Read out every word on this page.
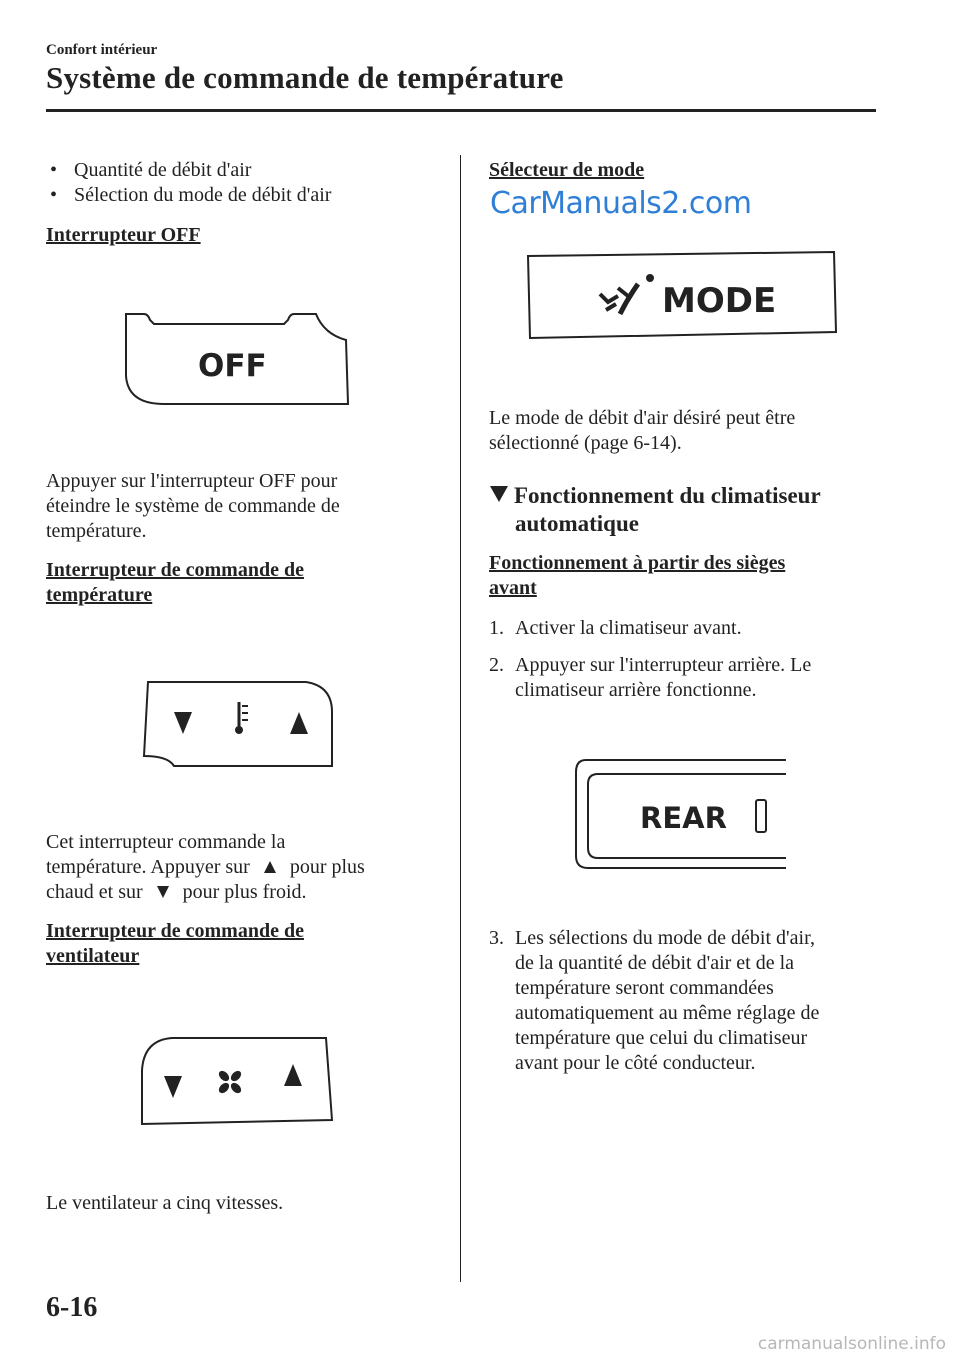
Confort intérieur
Système de commande de température
• Quantité de débit d'air
• Sélection du mode de débit d'air
Interrupteur OFF
OFF
Appuyer sur l'interrupteur OFF pour
éteindre le système de commande de
température.
Interrupteur de commande de
température
Cet interrupteur commande la
température. Appuyer sur pour plus
chaud et sur pour plus froid.
Interrupteur de commande de
ventilateur
Le ventilateur a cinq vitesses.
Sélecteur de mode
CarManuals2.com
MODE
Le mode de débit d'air désiré peut être
sélectionné (page 6-14).
Fonctionnement du climatiseur
automatique
Fonctionnement à partir des sièges
avant
1. Activer la climatiseur avant.
2. Appuyer sur l'interrupteur arrière. Le
climatiseur arrière fonctionne.
REAR
3. Les sélections du mode de débit d'air,
de la quantité de débit d'air et de la
température seront commandées
automatiquement au même réglage de
température que celui du climatiseur
avant pour le côté conducteur.
6-16
carmanualsonline.info
